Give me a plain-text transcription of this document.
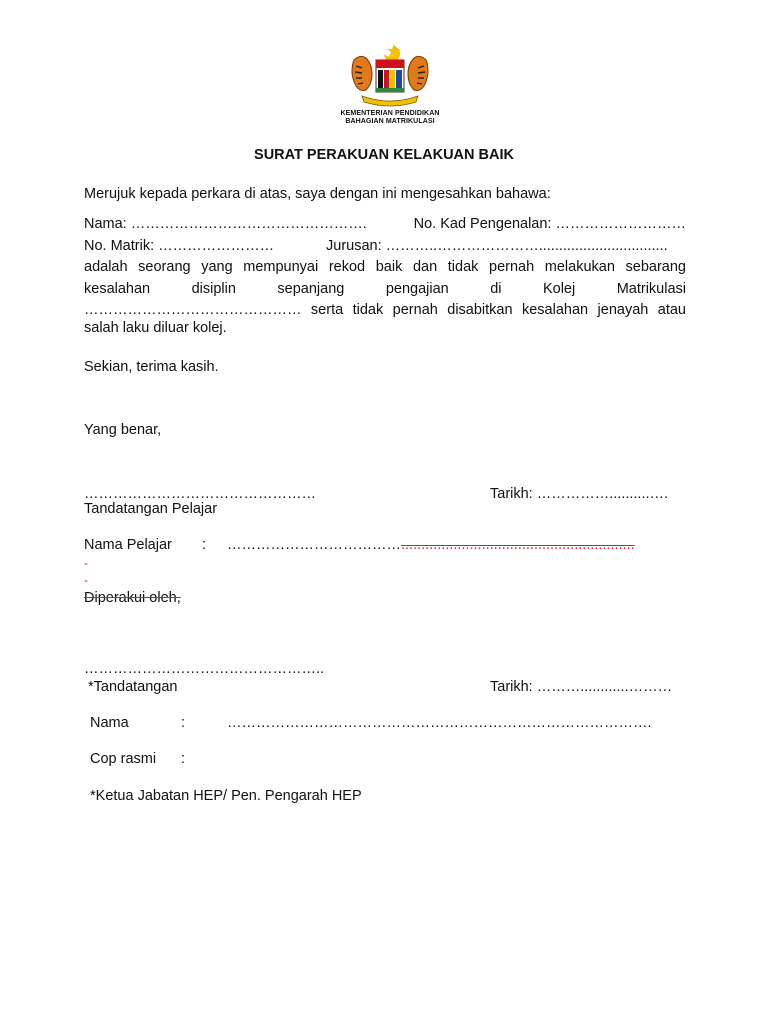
KEMENTERIAN PENDIDIKAN
BAHAGIAN MATRIKULASI
SURAT PERAKUAN KELAKUAN BAIK
Merujuk kepada perkara di atas, saya dengan ini mengesahkan bahawa:
Nama: ………………………………………….	No. Kad Pengenalan: ………………………
No. Matrik: ……………………	Jurusan: ………..…………………................................
adalah seorang yang mempunyai rekod baik dan tidak pernah melakukan sebarang
kesalahan disiplin sepanjang pengajian di Kolej Matrikulasi
……………………………………… serta tidak pernah disabitkan kesalahan jenayah atau
salah laku diluar kolej.
Sekian, terima kasih.
Yang benar,
…………………………………………	Tarikh: ……………..........….
Tandatangan Pelajar
Nama Pelajar : ………………………………..........................................................
-
-
Diperakui oleh,
…………………………………………..
*Tandatangan	Tarikh: ………............………
Nama	:	…………………………………………………………………………….
Cop rasmi :
*Ketua Jabatan HEP/ Pen. Pengarah HEP
